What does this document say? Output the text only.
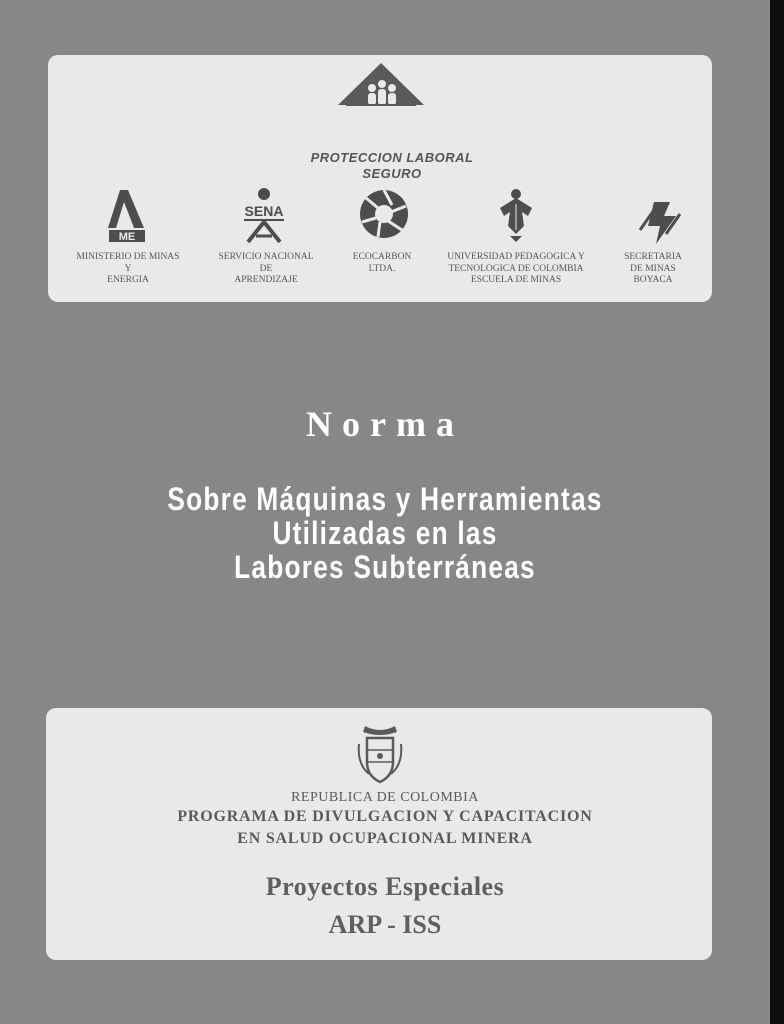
PROTECCION LABORAL
SEGURO
ME
MINISTERIO DE MINAS
Y
ENERGIA
SENA
SERVICIO NACIONAL
DE
APRENDIZAJE
ECOCARBON
LTDA.
UNIVERSIDAD PEDAGOGICA Y
TECNOLOGICA DE COLOMBIA
ESCUELA DE MINAS
SECRETARIA
DE MINAS
BOYACA
Norma
Sobre Máquinas y Herramientas
Utilizadas en las
Labores Subterráneas
REPUBLICA DE COLOMBIA
PROGRAMA DE DIVULGACION Y CAPACITACION
EN SALUD OCUPACIONAL MINERA
Proyectos Especiales
ARP - ISS
